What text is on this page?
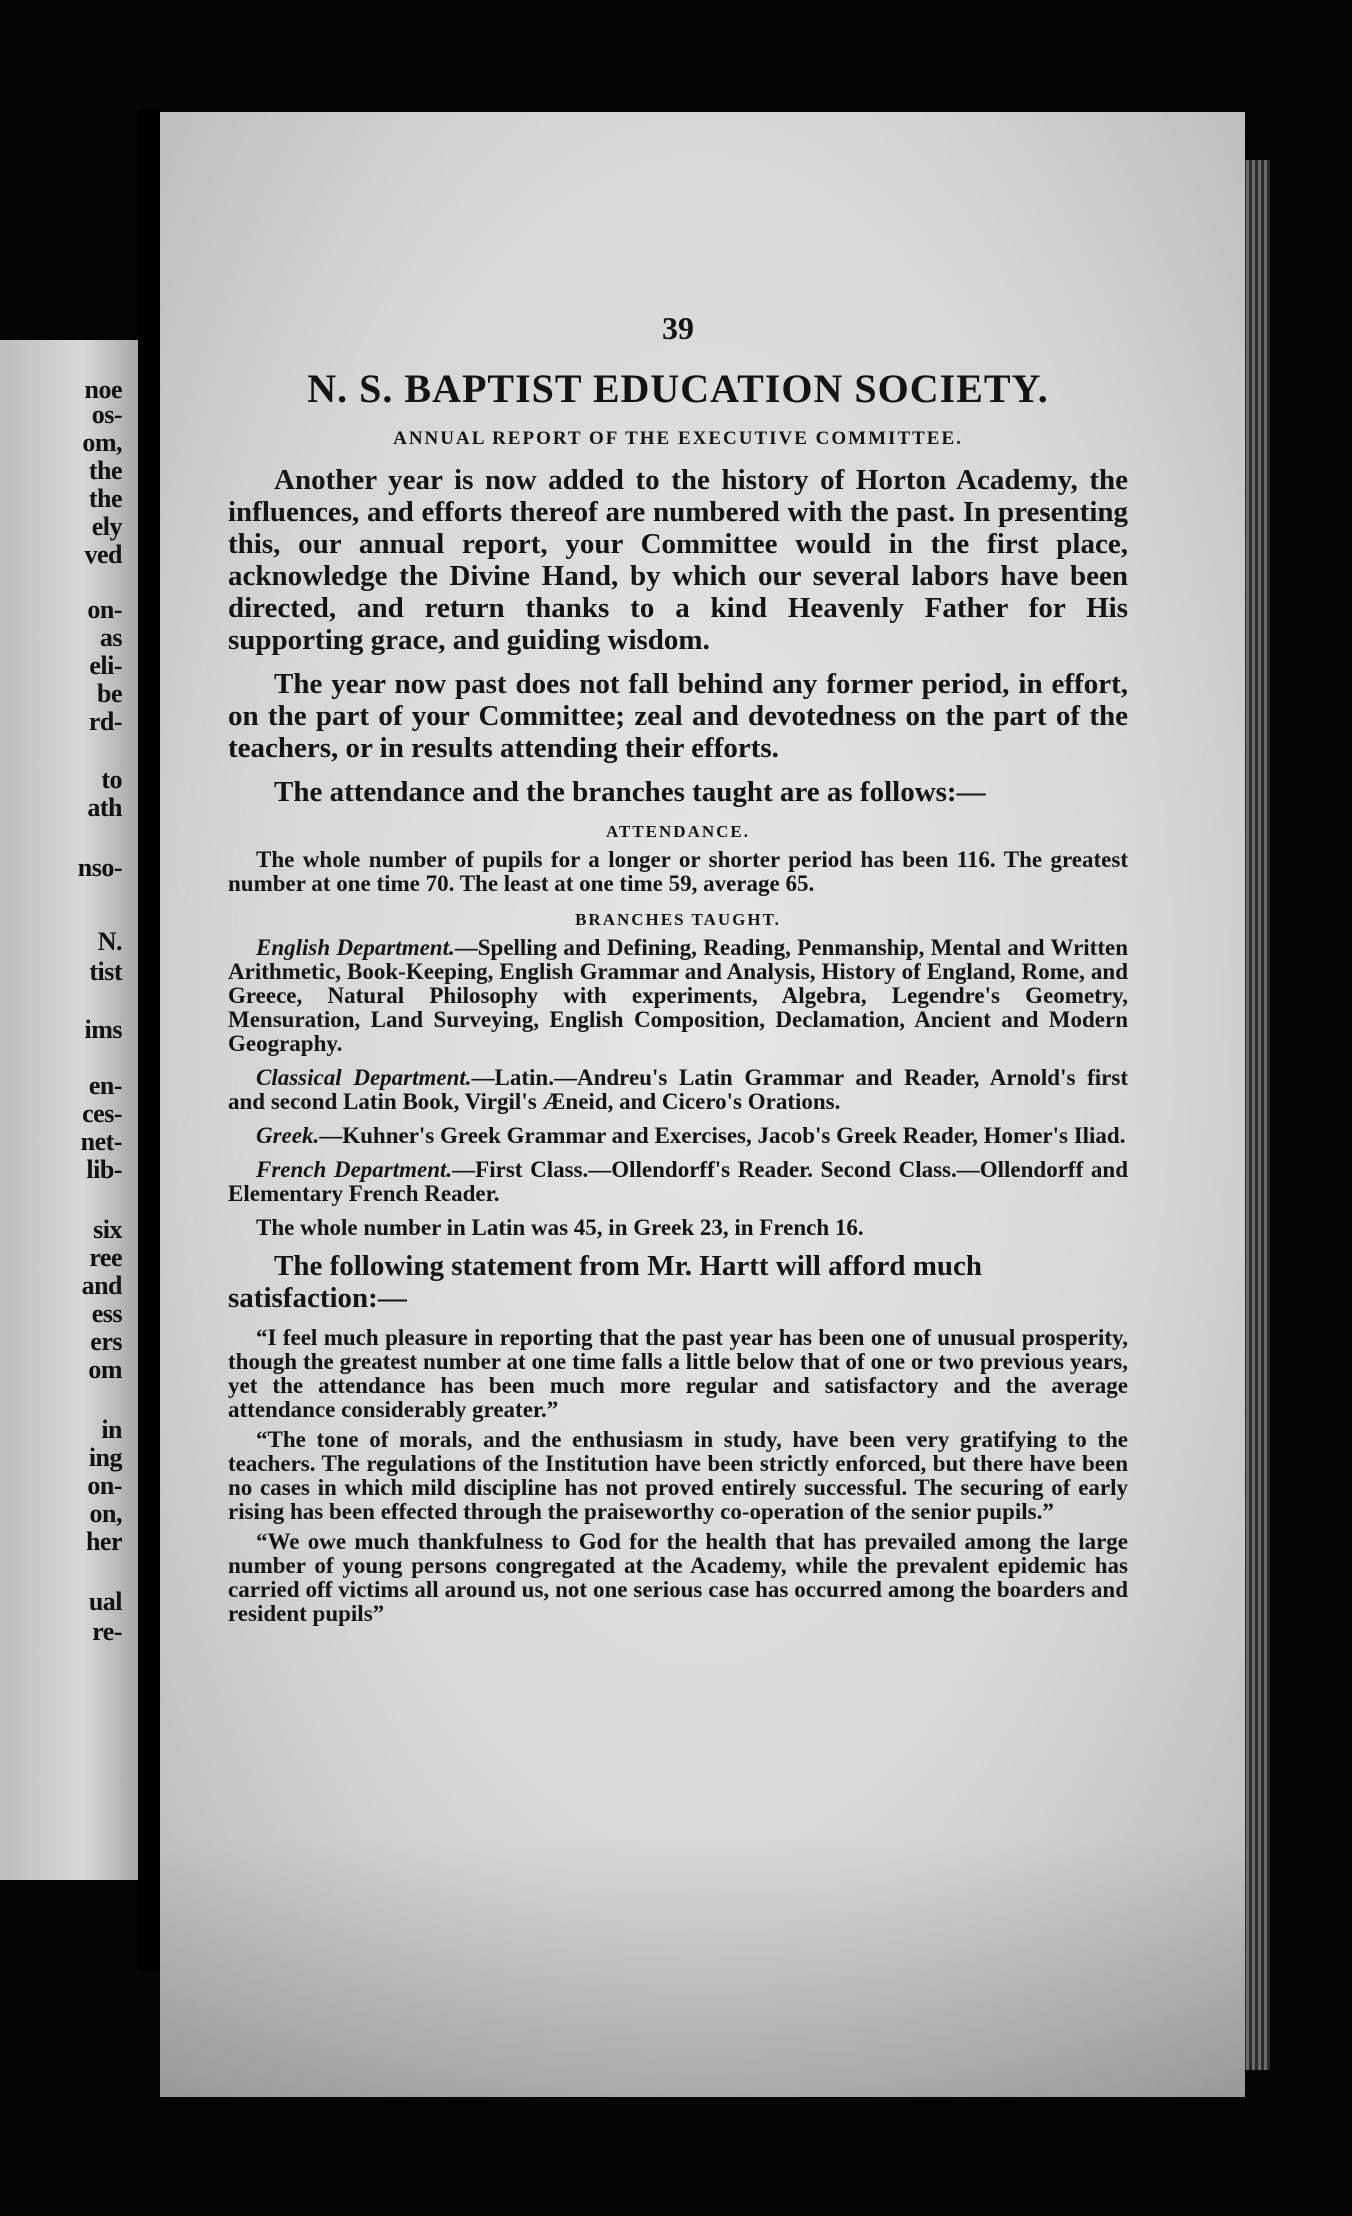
noe
os-
om,
the
the
ely
ved
on-
as
eli-
be
rd-
to
ath
nso-
N.
tist
ims
en-
ces-
net-
lib-
six
ree
and
ess
ers
om
in
ing
on-
on,
her
ual
re-
39
N. S. BAPTIST EDUCATION SOCIETY.
ANNUAL REPORT OF THE EXECUTIVE COMMITTEE.

Another year is now added to the history of Horton Academy, the influences, and efforts thereof are numbered with the past. In presenting this, our annual report, your Committee would in the first place, acknowledge the Divine Hand, by which our several labors have been directed, and return thanks to a kind Heavenly Father for His supporting grace, and guiding wisdom.

The year now past does not fall behind any former period, in effort, on the part of your Committee; zeal and devotedness on the part of the teachers, or in results attending their efforts.

The attendance and the branches taught are as follows:—

ATTENDANCE.

The whole number of pupils for a longer or shorter period has been 116. The greatest number at one time 70. The least at one time 59, average 65.

BRANCHES TAUGHT.

English Department.—Spelling and Defining, Reading, Penmanship, Mental and Written Arithmetic, Book-Keeping, English Grammar and Analysis, History of England, Rome, and Greece, Natural Philosophy with experiments, Algebra, Legendre's Geometry, Mensuration, Land Surveying, English Composition, Declamation, Ancient and Modern Geography.

Classical Department.—Latin.—Andreu's Latin Grammar and Reader, Arnold's first and second Latin Book, Virgil's Æneid, and Cicero's Orations.

Greek.—Kuhner's Greek Grammar and Exercises, Jacob's Greek Reader, Homer's Iliad.

French Department.—First Class.—Ollendorff's Reader. Second Class.—Ollendorff and Elementary French Reader.

The whole number in Latin was 45, in Greek 23, in French 16.

The following statement from Mr. Hartt will afford much satisfaction:—

“I feel much pleasure in reporting that the past year has been one of unusual prosperity, though the greatest number at one time falls a little below that of one or two previous years, yet the attendance has been much more regular and satisfactory and the average attendance considerably greater.”

“The tone of morals, and the enthusiasm in study, have been very gratifying to the teachers. The regulations of the Institution have been strictly enforced, but there have been no cases in which mild discipline has not proved entirely successful. The securing of early rising has been effected through the praiseworthy co-operation of the senior pupils.”

“We owe much thankfulness to God for the health that has prevailed among the large number of young persons congregated at the Academy, while the prevalent epidemic has carried off victims all around us, not one serious case has occurred among the boarders and resident pupils”
